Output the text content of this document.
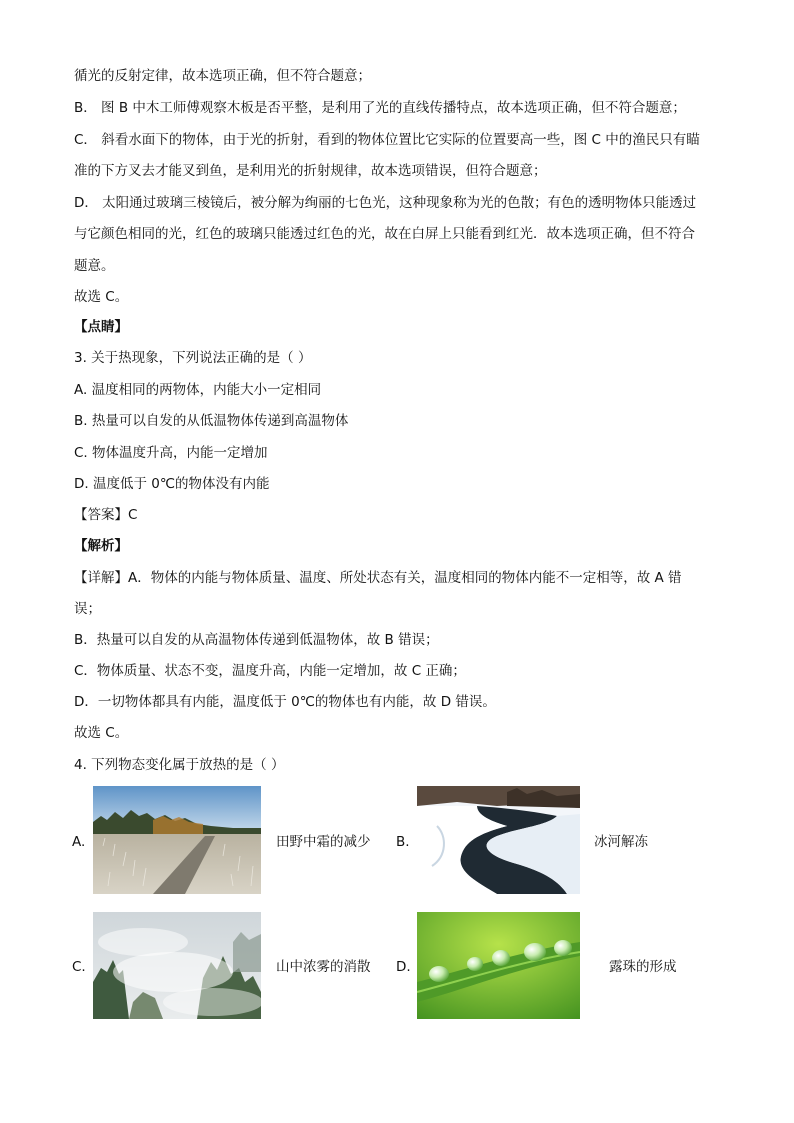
循光的反射定律，故本选项正确，但不符合题意；
B． 图 B 中木工师傅观察木板是否平整，是利用了光的直线传播特点，故本选项正确，但不符合题意；
C． 斜看水面下的物体，由于光的折射，看到的物体位置比它实际的位置要高一些，图 C 中的渔民只有瞄
准的下方叉去才能叉到鱼，是利用光的折射规律，故本选项错误，但符合题意；
D． 太阳通过玻璃三棱镜后，被分解为绚丽的七色光，这种现象称为光的色散；有色的透明物体只能透过
与它颜色相同的光，红色的玻璃只能透过红色的光，故在白屏上只能看到红光．故本选项正确，但不符合
题意。
故选 C。
【点睛】
3. 关于热现象，下列说法正确的是（ ）
A. 温度相同的两物体，内能大小一定相同
B. 热量可以自发的从低温物体传递到高温物体
C. 物体温度升高，内能一定增加
D. 温度低于 0℃的物体没有内能
【答案】C
【解析】
【详解】A．物体的内能与物体质量、温度、所处状态有关，温度相同的物体内能不一定相等，故 A 错
误；
B．热量可以自发的从高温物体传递到低温物体，故 B 错误；
C．物体质量、状态不变，温度升高，内能一定增加，故 C 正确；
D．一切物体都具有内能，温度低于 0℃的物体也有内能，故 D 错误。
故选 C。
4. 下列物态变化属于放热的是（ ）
A.	田野中霜的减少 B.	冰河解冻
C.	山中浓雾的消散 D.	露珠的形成
